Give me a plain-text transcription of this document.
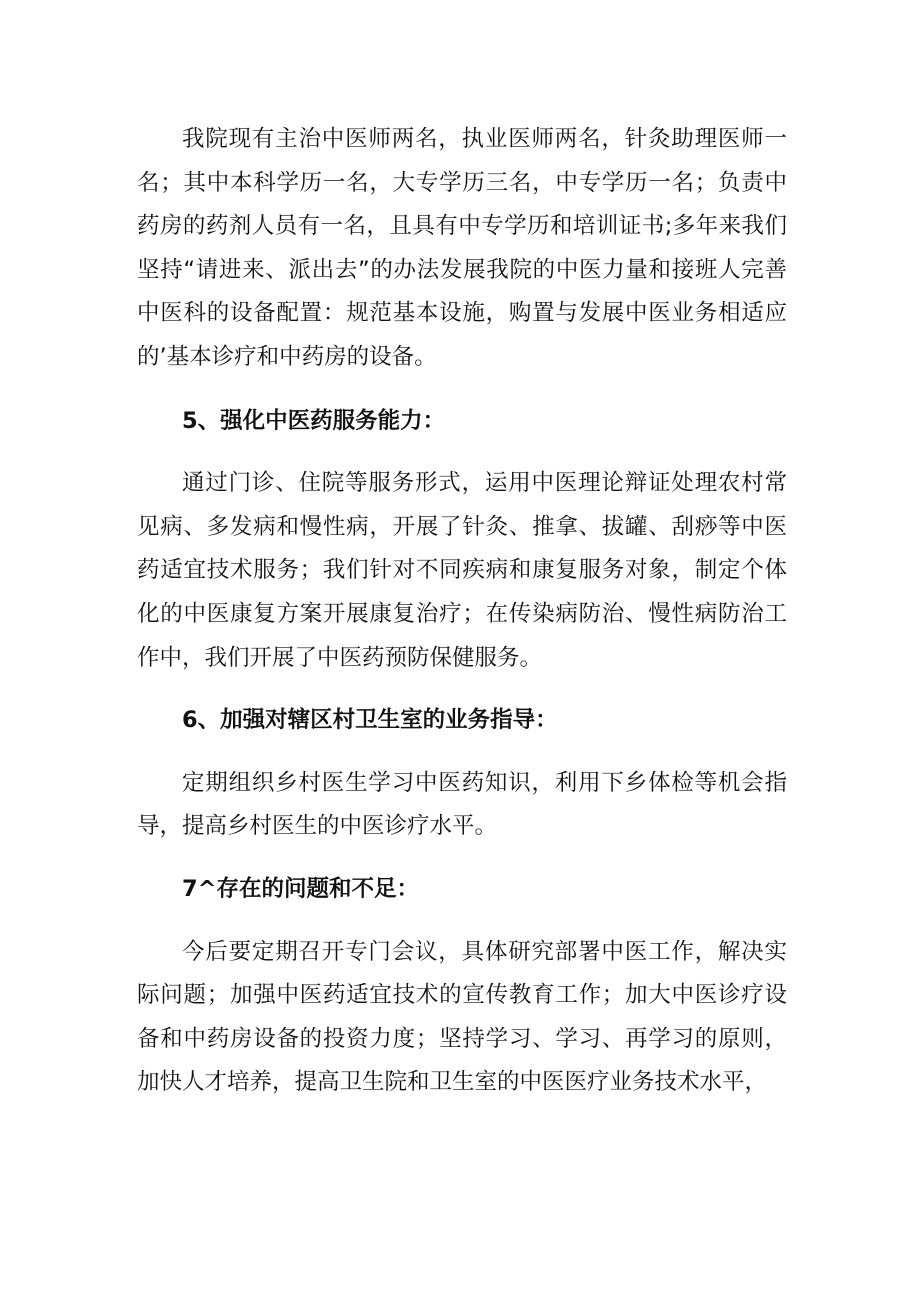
我院现有主治中医师两名，执业医师两名，针灸助理医师一名；其中本科学历一名，大专学历三名，中专学历一名；负责中药房的药剂人员有一名，且具有中专学历和培训证书;多年来我们坚持“请进来、派出去”的办法发展我院的中医力量和接班人完善中医科的设备配置：规范基本设施，购置与发展中医业务相适应的’基本诊疗和中药房的设备。

5、强化中医药服务能力：

通过门诊、住院等服务形式，运用中医理论辩证处理农村常见病、多发病和慢性病，开展了针灸、推拿、拔罐、刮痧等中医药适宜技术服务；我们针对不同疾病和康复服务对象，制定个体化的中医康复方案开展康复治疗；在传染病防治、慢性病防治工作中，我们开展了中医药预防保健服务。

6、加强对辖区村卫生室的业务指导：

定期组织乡村医生学习中医药知识，利用下乡体检等机会指导，提高乡村医生的中医诊疗水平。

7^存在的问题和不足：

今后要定期召开专门会议，具体研究部署中医工作，解决实际问题；加强中医药适宜技术的宣传教育工作；加大中医诊疗设备和中药房设备的投资力度；坚持学习、学习、再学习的原则，加快人才培养，提高卫生院和卫生室的中医医疗业务技术水平，
